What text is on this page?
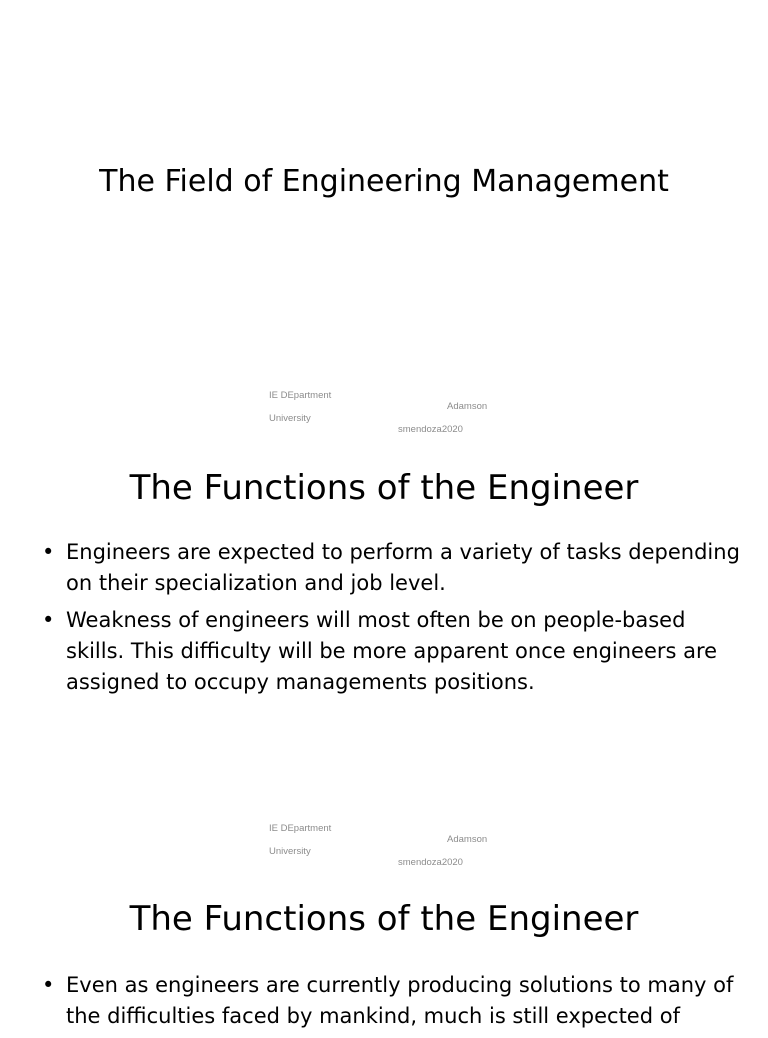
The Field of Engineering Management
IE DEpartment
Adamson
University
smendoza2020
The Functions of the Engineer
• Engineers are expected to perform a variety of tasks depending on their specialization and job level.
• Weakness of engineers will most often be on people-based skills. This difficulty will be more apparent once engineers are assigned to occupy managements positions.
IE DEpartment
Adamson
University
smendoza2020
The Functions of the Engineer
• Even as engineers are currently producing solutions to many of the difficulties faced by mankind, much is still expected of
